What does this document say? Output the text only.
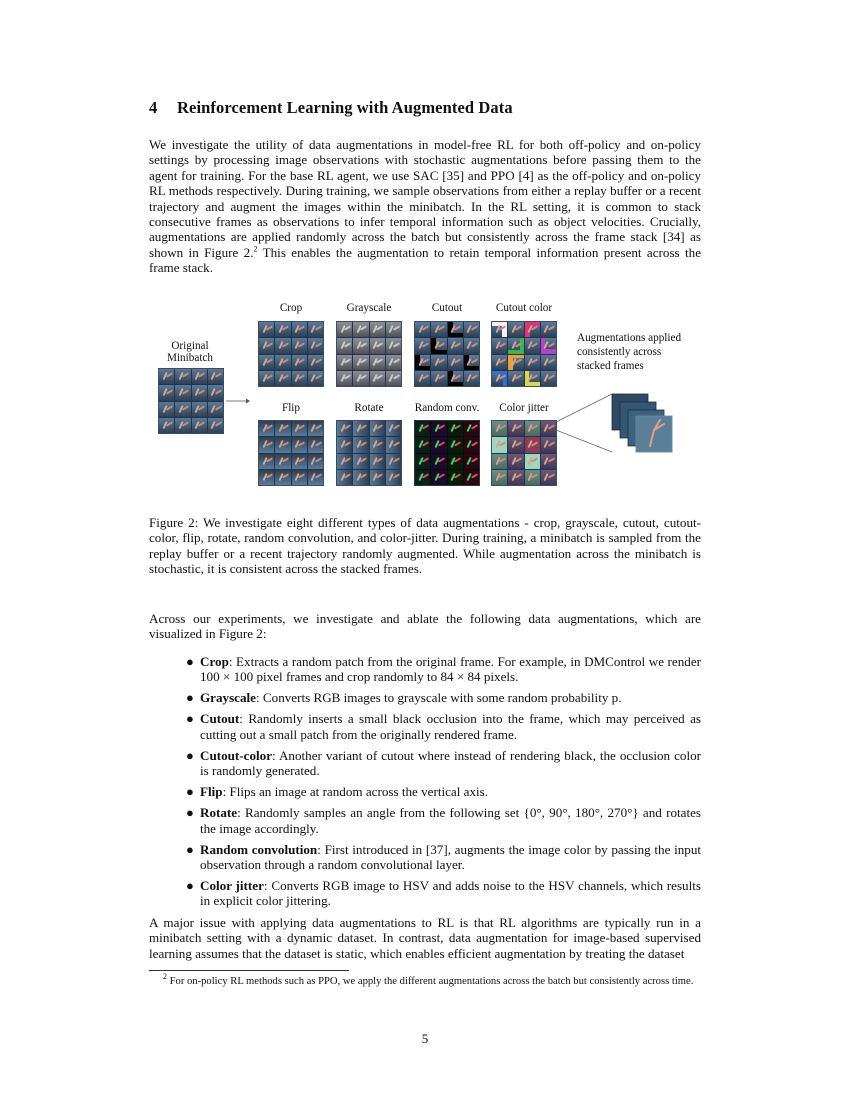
4 Reinforcement Learning with Augmented Data
We investigate the utility of data augmentations in model-free RL for both off-policy and on-policy settings by processing image observations with stochastic augmentations before passing them to the agent for training. For the base RL agent, we use SAC [35] and PPO [4] as the off-policy and on-policy RL methods respectively. During training, we sample observations from either a replay buffer or a recent trajectory and augment the images within the minibatch. In the RL setting, it is common to stack consecutive frames as observations to infer temporal information such as object velocities. Crucially, augmentations are applied randomly across the batch but consistently across the frame stack [34] as shown in Figure 2.$^2$ This enables the augmentation to retain temporal information present across the frame stack.
Original
Minibatch
Crop	Grayscale	Cutout	Cutout color
Flip	Rotate	Random conv.	Color jitter
Augmentations applied
consistently across
stacked frames
Figure 2: We investigate eight different types of data augmentations - crop, grayscale, cutout, cutout-color, flip, rotate, random convolution, and color-jitter. During training, a minibatch is sampled from the replay buffer or a recent trajectory randomly augmented. While augmentation across the minibatch is stochastic, it is consistent across the stacked frames.
Across our experiments, we investigate and ablate the following data augmentations, which are visualized in Figure 2:
● Crop: Extracts a random patch from the original frame. For example, in DMControl we render 100 × 100 pixel frames and crop randomly to 84 × 84 pixels.
● Grayscale: Converts RGB images to grayscale with some random probability p.
● Cutout: Randomly inserts a small black occlusion into the frame, which may perceived as cutting out a small patch from the originally rendered frame.
● Cutout-color: Another variant of cutout where instead of rendering black, the occlusion color is randomly generated.
● Flip: Flips an image at random across the vertical axis.
● Rotate: Randomly samples an angle from the following set {0°, 90°, 180°, 270°} and rotates the image accordingly.
● Random convolution: First introduced in [37], augments the image color by passing the input observation through a random convolutional layer.
● Color jitter: Converts RGB image to HSV and adds noise to the HSV channels, which results in explicit color jittering.
A major issue with applying data augmentations to RL is that RL algorithms are typically run in a minibatch setting with a dynamic dataset. In contrast, data augmentation for image-based supervised learning assumes that the dataset is static, which enables efficient augmentation by treating the dataset
$^2$ For on-policy RL methods such as PPO, we apply the different augmentations across the batch but consistently across time.
5
